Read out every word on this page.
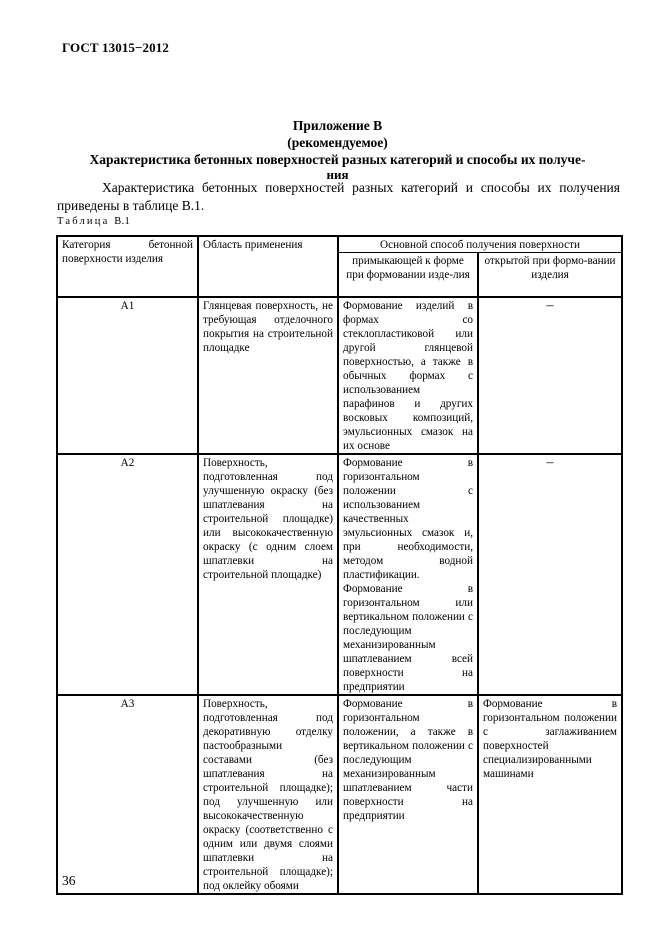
ГОСТ 13015−2012
Приложение В
(рекомендуемое)
Характеристика бетонных поверхностей разных категорий и способы их получе-
ния

Характеристика бетонных поверхностей разных категорий и способы их получения приведены в таблице В.1.

Таблица В.1
Категория бетонной поверхности изделия	Область применения	Основной способ получения поверхности	
		примыкающей к форме при формовании изде-лия	открытой при формо-вании изделия
А1	Глянцевая поверхность, не требующая отделочного покрытия на строительной площадке	Формование изделий в формах со стеклопластиковой или другой глянцевой поверхностью, а также в обычных формах с использованием парафинов и других восковых композиций, эмульсионных смазок на их основе	–
А2	Поверхность, подготовленная под улучшенную окраску (без шпатлевания на строительной площадке) или высококачественную окраску (с одним слоем шпатлевки на строительной площадке)	Формование в горизонтальном положении с использованием качественных эмульсионных смазок и, при необходимости, методом водной пластификации. Формование в горизонтальном или вертикальном положении с последующим механизированным шпатлеванием всей поверхности на предприятии	–
А3	Поверхность, подготовленная под декоративную отделку пастообразными составами (без шпатлевания на строительной площадке); под улучшенную или высококачественную окраску (соответственно с одним или двумя слоями шпатлевки на строительной площадке); под оклейку обоями	Формование в горизонтальном положении, а также в вертикальном положении с последующим механизированным шпатлеванием части поверхности на предприятии	Формование в горизонтальном положении с заглаживанием поверхностей специализированными машинами
36
